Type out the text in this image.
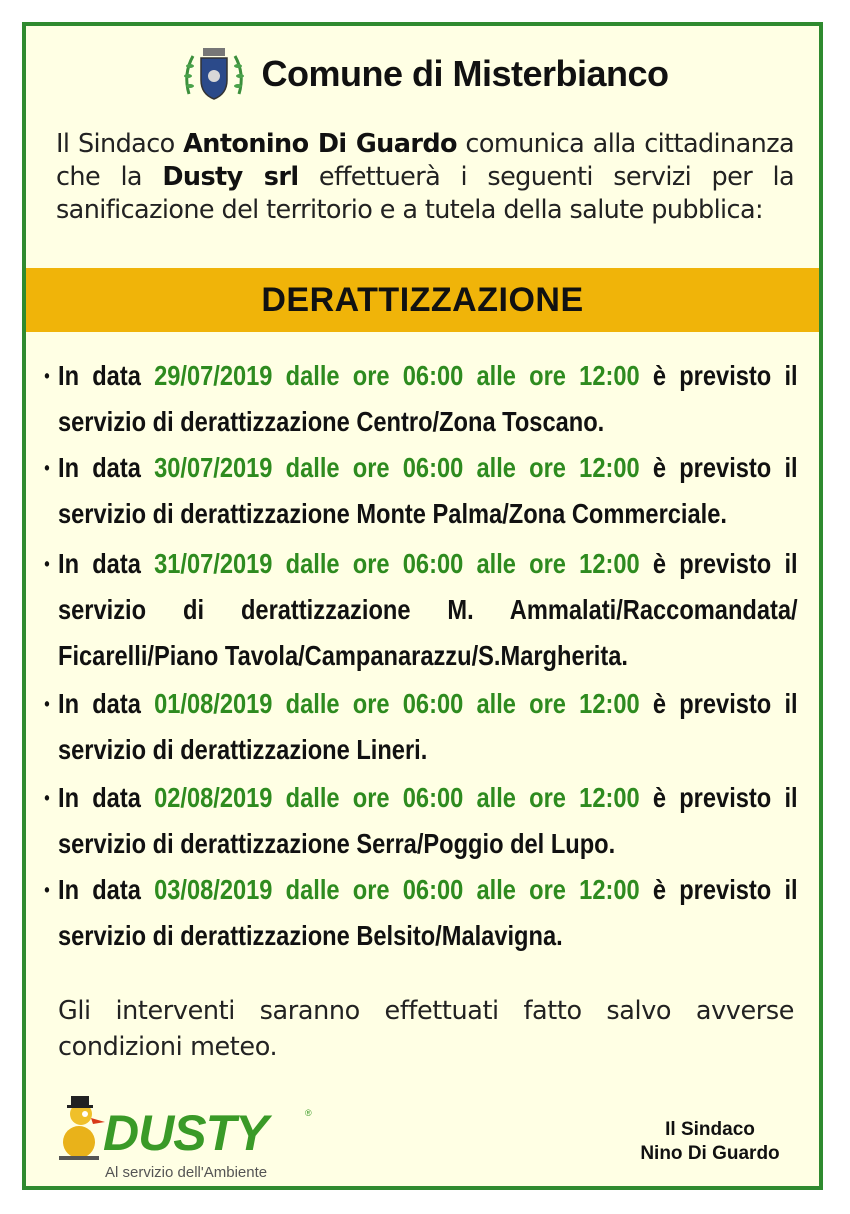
Comune di Misterbianco
Il Sindaco Antonino Di Guardo comunica alla cittadinanza che la Dusty srl effettuerà i seguenti servizi per la sanificazione del territorio e a tutela della salute pubblica:
DERATTIZZAZIONE
• In data 29/07/2019 dalle ore 06:00 alle ore 12:00 è previsto il servizio di derattizzazione Centro/Zona Toscano.
• In data 30/07/2019 dalle ore 06:00 alle ore 12:00 è previsto il servizio di derattizzazione Monte Palma/Zona Commerciale.
• In data 31/07/2019 dalle ore 06:00 alle ore 12:00 è previsto il servizio di derattizzazione M. Ammalati/Raccomandata/ Ficarelli/Piano Tavola/Campanarazzu/S.Margherita.
• In data 01/08/2019 dalle ore 06:00 alle ore 12:00 è previsto il servizio di derattizzazione Lineri.
• In data 02/08/2019 dalle ore 06:00 alle ore 12:00 è previsto il servizio di derattizzazione Serra/Poggio del Lupo.
• In data 03/08/2019 dalle ore 06:00 alle ore 12:00 è previsto il servizio di derattizzazione Belsito/Malavigna.
Gli interventi saranno effettuati fatto salvo avverse condizioni meteo.
DUSTY	®
Al servizio dell'Ambiente
Il Sindaco
Nino Di Guardo
